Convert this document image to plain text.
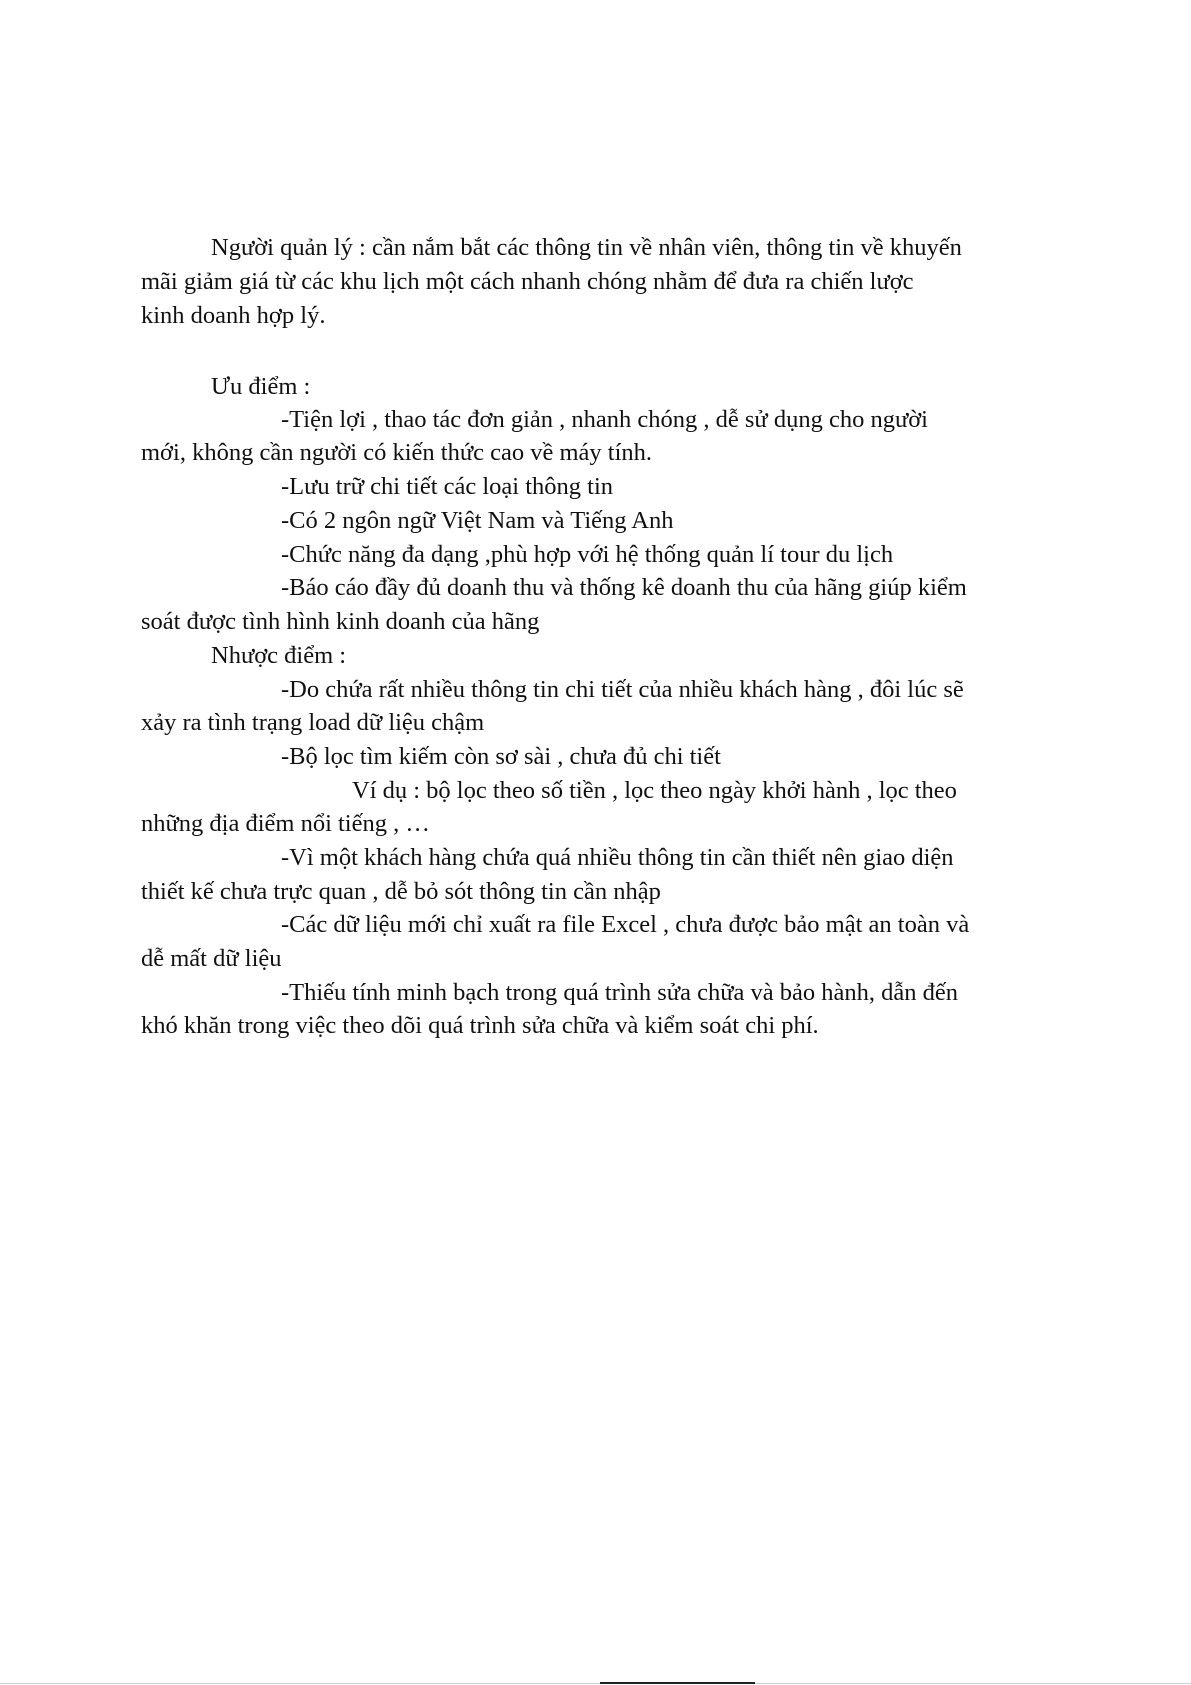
Người quản lý : cần nắm bắt các thông tin về nhân viên, thông tin về khuyến
mãi giảm giá từ các khu lịch một cách nhanh chóng nhằm để đưa ra chiến lược
kinh doanh hợp lý.
Ưu điểm :
-Tiện lợi , thao tác đơn giản , nhanh chóng , dễ sử dụng cho người
mới, không cần người có kiến thức cao về máy tính.
-Lưu trữ chi tiết các loại thông tin
-Có 2 ngôn ngữ Việt Nam và Tiếng Anh
-Chức năng đa dạng ,phù hợp với hệ thống quản lí tour du lịch
-Báo cáo đầy đủ doanh thu và thống kê doanh thu của hãng giúp kiểm
soát được tình hình kinh doanh của hãng
Nhược điểm :
-Do chứa rất nhiều thông tin chi tiết của nhiều khách hàng , đôi lúc sẽ
xảy ra tình trạng load dữ liệu chậm
-Bộ lọc tìm kiếm còn sơ sài , chưa đủ chi tiết
Ví dụ : bộ lọc theo số tiền , lọc theo ngày khởi hành , lọc theo
những địa điểm nổi tiếng , …
-Vì một khách hàng chứa quá nhiều thông tin cần thiết nên giao diện
thiết kế chưa trực quan , dễ bỏ sót thông tin cần nhập
-Các dữ liệu mới chỉ xuất ra file Excel , chưa được bảo mật an toàn và
dễ mất dữ liệu
-Thiếu tính minh bạch trong quá trình sửa chữa và bảo hành, dẫn đến
khó khăn trong việc theo dõi quá trình sửa chữa và kiểm soát chi phí.
